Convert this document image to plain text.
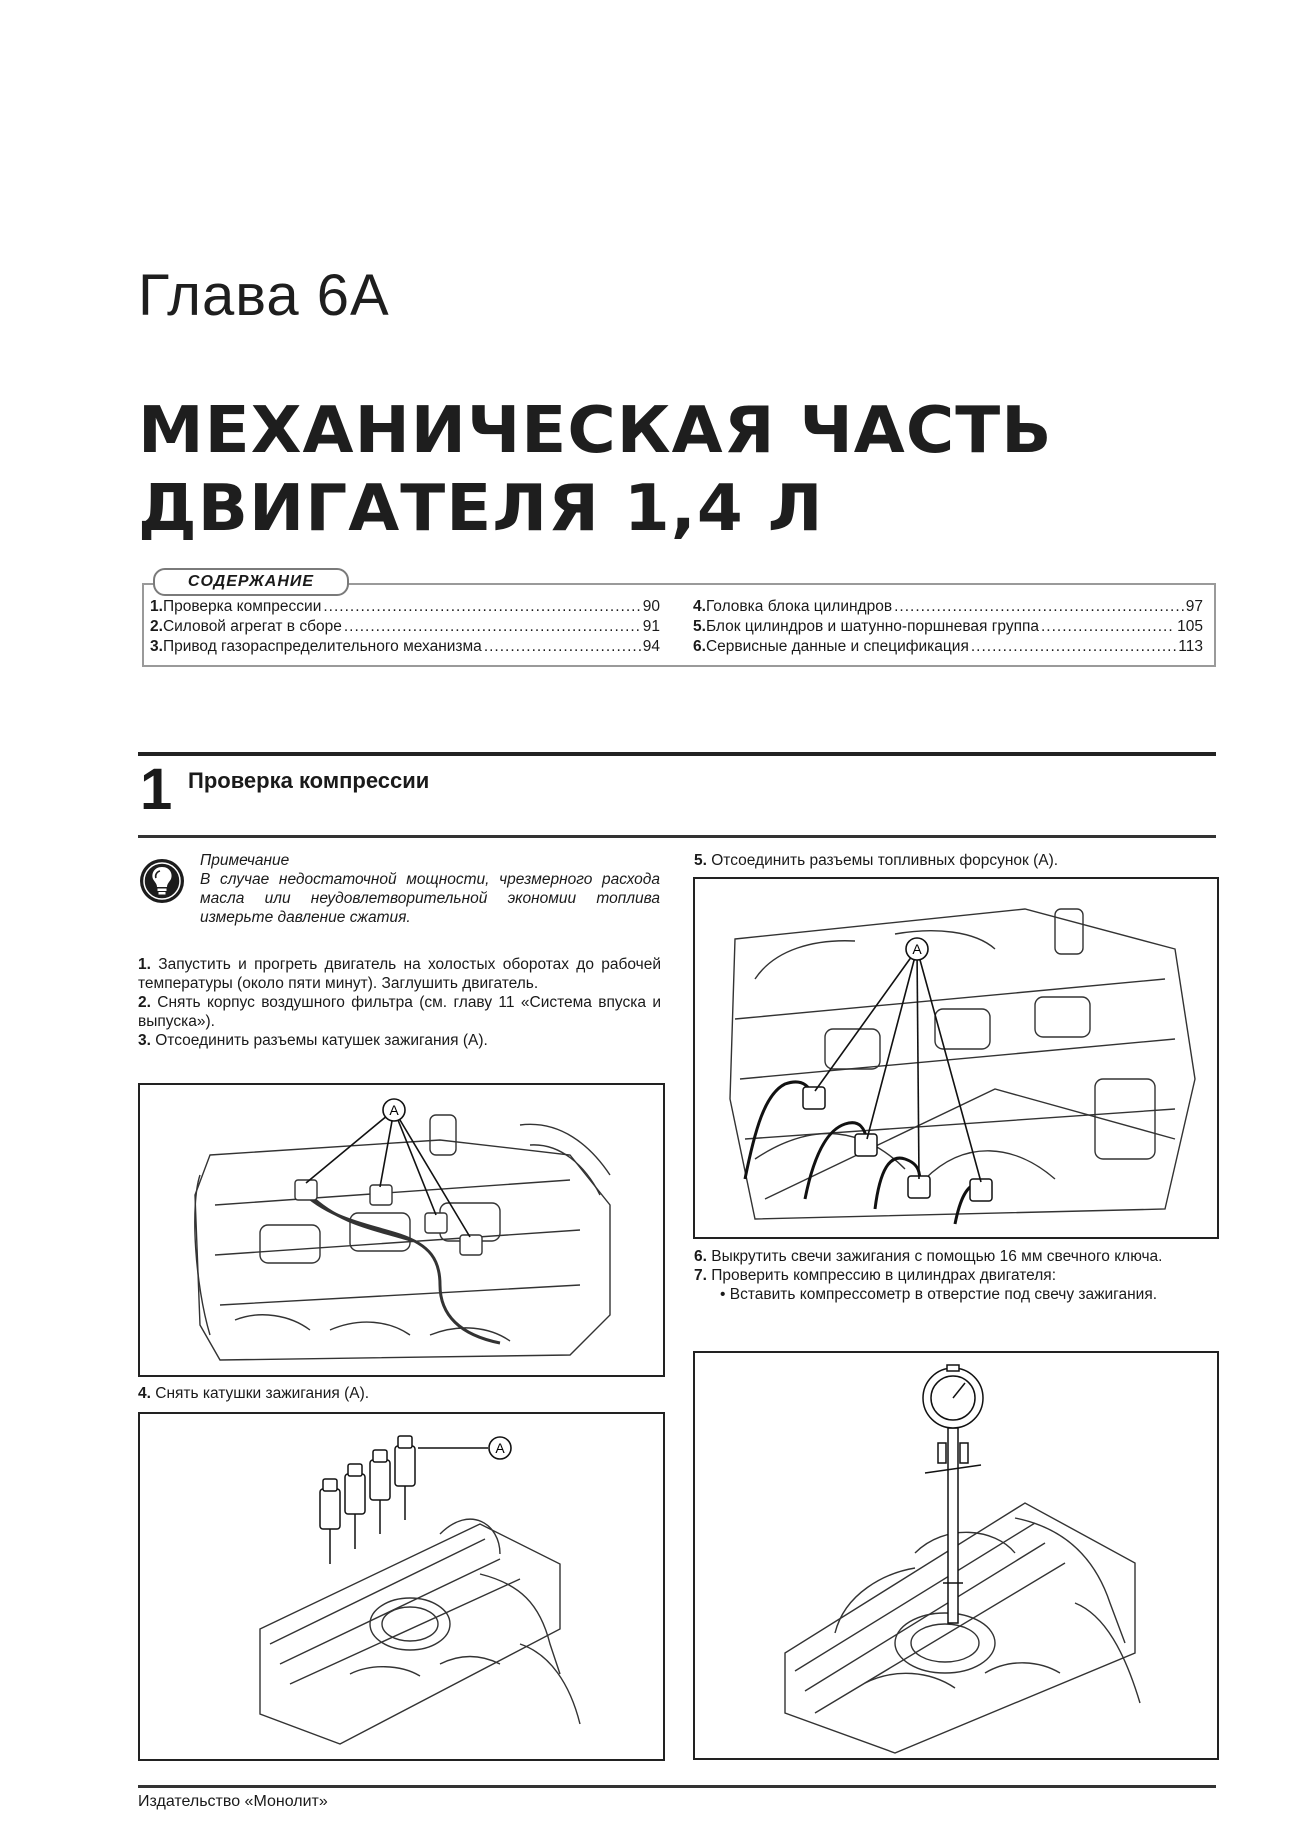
Глава 6А
МЕХАНИЧЕСКАЯ ЧАСТЬ
ДВИГАТЕЛЯ 1,4 Л
СОДЕРЖАНИЕ
1. Проверка компрессии .....	90
2. Силовой агрегат в сборе .....	91
3. Привод газораспределительного механизма .....	94
4. Головка блока цилиндров .....	97
5. Блок цилиндров и шатунно-поршневая группа .....	105
6. Сервисные данные и спецификация .....	113
1 Проверка компрессии
Примечание
В случае недостаточной мощности, чрезмерного расхода масла или неудовлетворительной экономии топлива измерьте давление сжатия.
1. Запустить и прогреть двигатель на холостых оборотах до рабочей температуры (около пяти минут). Заглушить двигатель.
2. Снять корпус воздушного фильтра (см. главу 11 «Система впуска и выпуска»).
3. Отсоединить разъемы катушек зажигания (А).
A
4. Снять катушки зажигания (А).
A
5. Отсоединить разъемы топливных форсунок (А).
A
6. Выкрутить свечи зажигания с помощью 16 мм свечного ключа.
7. Проверить компрессию в цилиндрах двигателя:
• Вставить компрессометр в отверстие под свечу зажигания.
Издательство «Монолит»
